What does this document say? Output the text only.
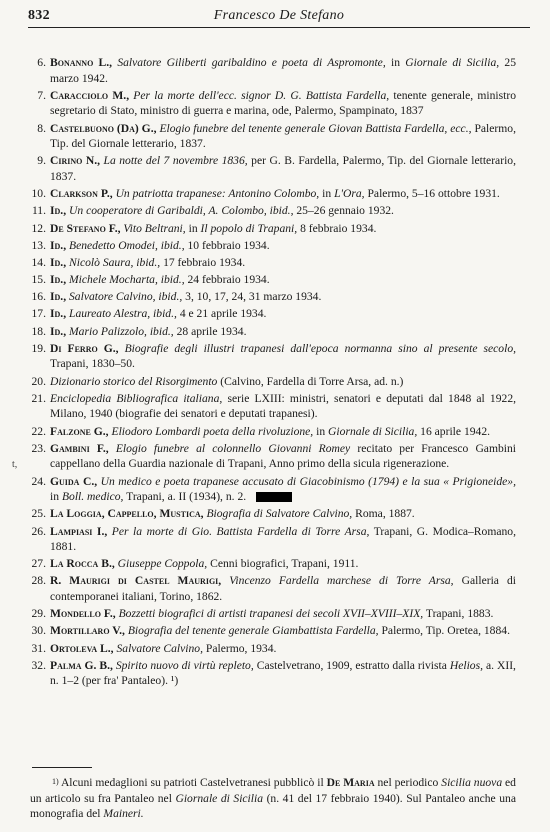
832	Francesco De Stefano
6. Bonanno L., Salvatore Giliberti garibaldino e poeta di Aspromonte, in Giornale di Sicilia, 25 marzo 1942.
7. Caracciolo M., Per la morte dell'ecc. signor D. G. Battista Fardella, tenente generale, ministro segretario di Stato, ministro di guerra e marina, ode, Palermo, Spampinato, 1837
8. Castelbuono (Da) G., Elogio funebre del tenente generale Giovan Battista Fardella, ecc., Palermo, Tip. del Giornale letterario, 1837.
9. Cirino N., La notte del 7 novembre 1836, per G. B. Fardella, Palermo, Tip. del Giornale letterario, 1837.
10. Clarkson P., Un patriotta trapanese: Antonino Colombo, in L'Ora, Palermo, 5–16 ottobre 1931.
11. Id., Un cooperatore di Garibaldi, A. Colombo, ibid., 25–26 gennaio 1932.
12. De Stefano F., Vito Beltrani, in Il popolo di Trapani, 8 febbraio 1934.
13. Id., Benedetto Omodei, ibid., 10 febbraio 1934.
14. Id., Nicolò Saura, ibid., 17 febbraio 1934.
15. Id., Michele Mocharta, ibid., 24 febbraio 1934.
16. Id., Salvatore Calvino, ibid., 3, 10, 17, 24, 31 marzo 1934.
17. Id., Laureato Alestra, ibid., 4 e 21 aprile 1934.
18. Id., Mario Palizzolo, ibid., 28 aprile 1934.
19. Di Ferro G., Biografie degli illustri trapanesi dall'epoca normanna sino al presente secolo, Trapani, 1830–50.
20. Dizionario storico del Risorgimento (Calvino, Fardella di Torre Arsa, ad. n.)
21. Enciclopedia Bibliografica italiana, serie LXIII: ministri, senatori e deputati dal 1848 al 1922, Milano, 1940 (biografie dei senatori e deputati trapanesi).
22. Falzone G., Eliodoro Lombardi poeta della rivoluzione, in Giornale di Sicilia, 16 aprile 1942.
23. Gambini F., Elogio funebre al colonnello Giovanni Romey recitato per Francesco Gambini cappellano della Guardia nazionale di Trapani, Anno primo della sicula rigenerazione.
t,
24. Guida C., Un medico e poeta trapanese accusato di Giacobinismo (1794) e la sua « Prigioneide», in Boll. medico, Trapani, a. II (1934), n. 2.
25. La Loggia, Cappello, Mustica, Biografia di Salvatore Calvino, Roma, 1887.
26. Lampiasi I., Per la morte di Gio. Battista Fardella di Torre Arsa, Trapani, G. Modica–Romano, 1881.
27. La Rocca B., Giuseppe Coppola, Cenni biografici, Trapani, 1911.
28. R. Maurigi di Castel Maurigi, Vincenzo Fardella marchese di Torre Arsa, Galleria di contemporanei italiani, Torino, 1862.
29. Mondello F., Bozzetti biografici di artisti trapanesi dei secoli XVII–XVIII–XIX, Trapani, 1883.
30. Mortillaro V., Biografia del tenente generale Giambattista Fardella, Palermo, Tip. Oretea, 1884.
31. Ortoleva L., Salvatore Calvino, Palermo, 1934.
32. Palma G. B., Spirito nuovo di virtù repleto, Castelvetrano, 1909, estratto dalla rivista Helios, a. XII, n. 1–2 (per fra' Pantaleo). ¹)
$^{1)}$ Alcuni medaglioni su patrioti Castelvetranesi pubblicò il De Maria nel periodico Sicilia nuova ed un articolo su fra Pantaleo nel Giornale di Sicilia (n. 41 del 17 febbraio 1940). Sul Pantaleo anche una monografia del Maineri.
